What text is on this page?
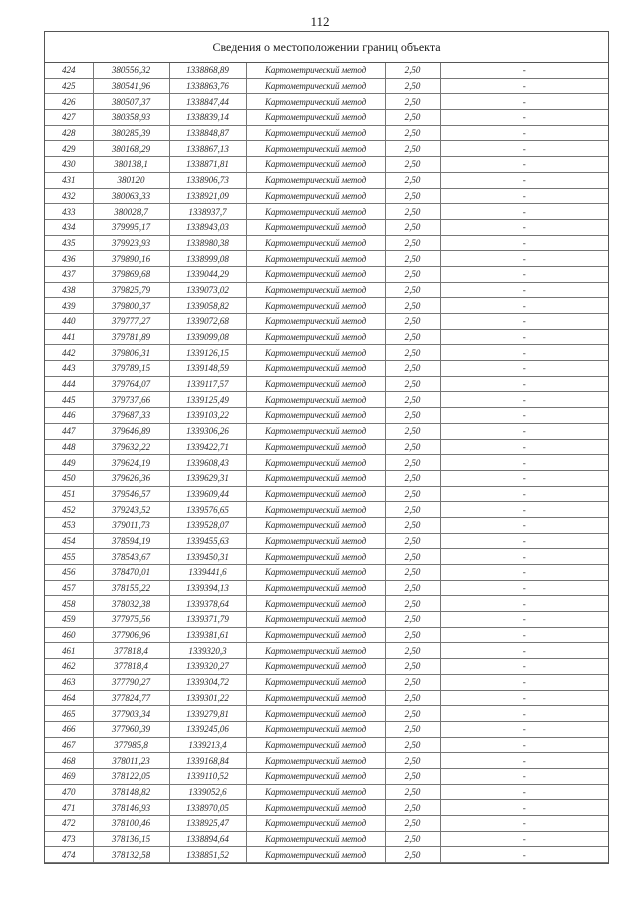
112
Сведения о местоположении границ объекта
424	380556,32	1338868,89	Картометрический метод	2,50	-
425	380541,96	1338863,76	Картометрический метод	2,50	-
426	380507,37	1338847,44	Картометрический метод	2,50	-
427	380358,93	1338839,14	Картометрический метод	2,50	-
428	380285,39	1338848,87	Картометрический метод	2,50	-
429	380168,29	1338867,13	Картометрический метод	2,50	-
430	380138,1	1338871,81	Картометрический метод	2,50	-
431	380120	1338906,73	Картометрический метод	2,50	-
432	380063,33	1338921,09	Картометрический метод	2,50	-
433	380028,7	1338937,7	Картометрический метод	2,50	-
434	379995,17	1338943,03	Картометрический метод	2,50	-
435	379923,93	1338980,38	Картометрический метод	2,50	-
436	379890,16	1338999,08	Картометрический метод	2,50	-
437	379869,68	1339044,29	Картометрический метод	2,50	-
438	379825,79	1339073,02	Картометрический метод	2,50	-
439	379800,37	1339058,82	Картометрический метод	2,50	-
440	379777,27	1339072,68	Картометрический метод	2,50	-
441	379781,89	1339099,08	Картометрический метод	2,50	-
442	379806,31	1339126,15	Картометрический метод	2,50	-
443	379789,15	1339148,59	Картометрический метод	2,50	-
444	379764,07	1339117,57	Картометрический метод	2,50	-
445	379737,66	1339125,49	Картометрический метод	2,50	-
446	379687,33	1339103,22	Картометрический метод	2,50	-
447	379646,89	1339306,26	Картометрический метод	2,50	-
448	379632,22	1339422,71	Картометрический метод	2,50	-
449	379624,19	1339608,43	Картометрический метод	2,50	-
450	379626,36	1339629,31	Картометрический метод	2,50	-
451	379546,57	1339609,44	Картометрический метод	2,50	-
452	379243,52	1339576,65	Картометрический метод	2,50	-
453	379011,73	1339528,07	Картометрический метод	2,50	-
454	378594,19	1339455,63	Картометрический метод	2,50	-
455	378543,67	1339450,31	Картометрический метод	2,50	-
456	378470,01	1339441,6	Картометрический метод	2,50	-
457	378155,22	1339394,13	Картометрический метод	2,50	-
458	378032,38	1339378,64	Картометрический метод	2,50	-
459	377975,56	1339371,79	Картометрический метод	2,50	-
460	377906,96	1339381,61	Картометрический метод	2,50	-
461	377818,4	1339320,3	Картометрический метод	2,50	-
462	377818,4	1339320,27	Картометрический метод	2,50	-
463	377790,27	1339304,72	Картометрический метод	2,50	-
464	377824,77	1339301,22	Картометрический метод	2,50	-
465	377903,34	1339279,81	Картометрический метод	2,50	-
466	377960,39	1339245,06	Картометрический метод	2,50	-
467	377985,8	1339213,4	Картометрический метод	2,50	-
468	378011,23	1339168,84	Картометрический метод	2,50	-
469	378122,05	1339110,52	Картометрический метод	2,50	-
470	378148,82	1339052,6	Картометрический метод	2,50	-
471	378146,93	1338970,05	Картометрический метод	2,50	-
472	378100,46	1338925,47	Картометрический метод	2,50	-
473	378136,15	1338894,64	Картометрический метод	2,50	-
474	378132,58	1338851,52	Картометрический метод	2,50	-
